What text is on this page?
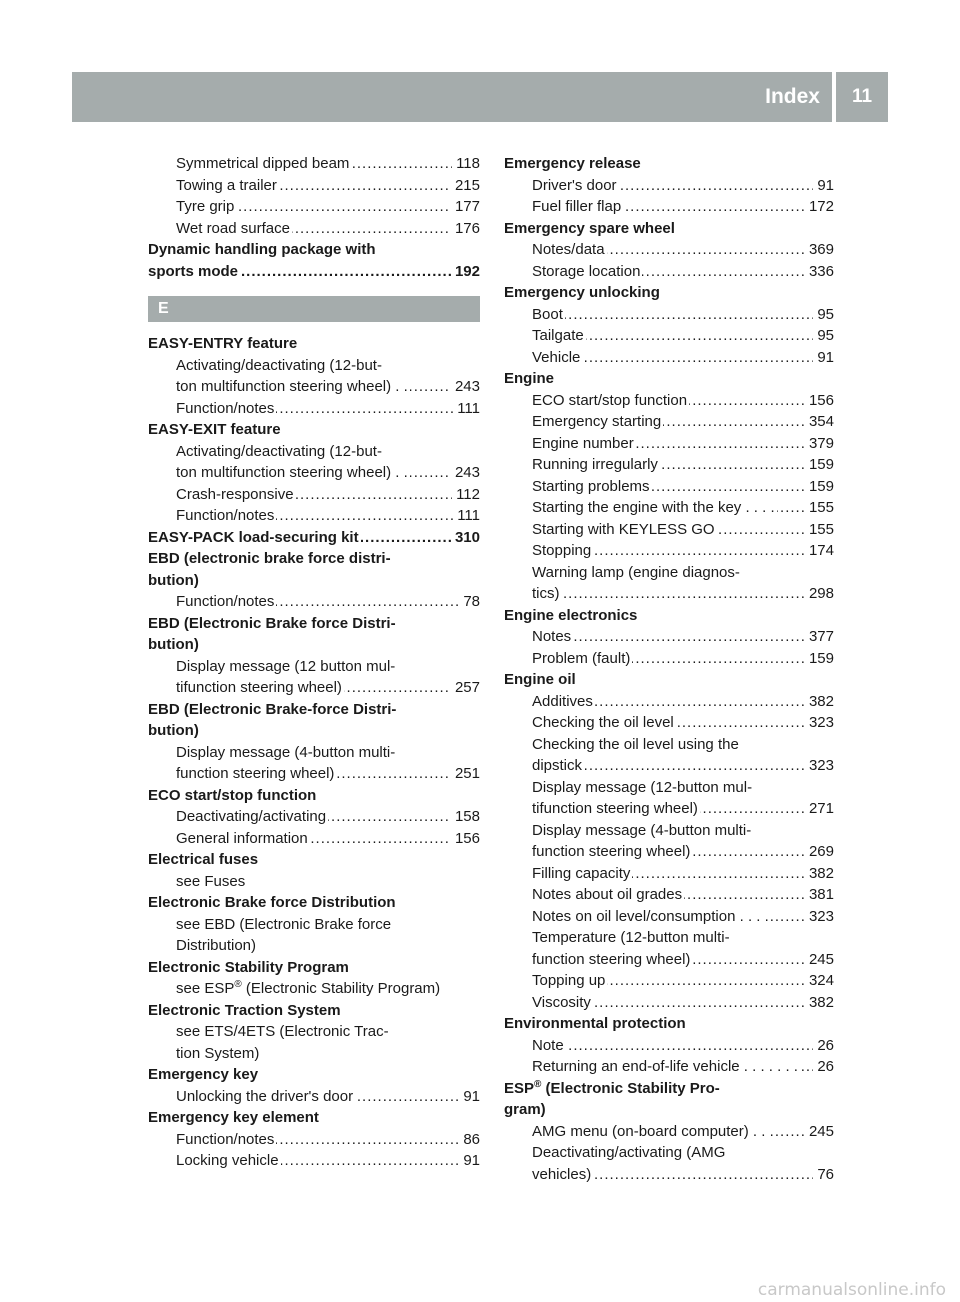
Index	11
..... Symmetrical dipped beam	118
..... Towing a trailer	215
..... Tyre grip	177
..... Wet road surface	176
Dynamic handling package with
..... sports mode	192
E
EASY-ENTRY feature
Activating/deactivating (12-but-
..... ton multifunction steering wheel) . .	243
..... Function/notes	111
EASY-EXIT feature
Activating/deactivating (12-but-
..... ton multifunction steering wheel) . .	243
..... Crash-responsive	112
..... Function/notes	111
..... EASY-PACK load-securing kit	310
EBD (electronic brake force distri-
bution)
..... Function/notes	78
EBD (Electronic Brake force Distri-
bution)
Display message (12 button mul-
..... tifunction steering wheel)	257
EBD (Electronic Brake-force Distri-
bution)
Display message (4-button multi-
..... function steering wheel)	251
ECO start/stop function
..... Deactivating/activating	158
..... General information	156
Electrical fuses
see Fuses
Electronic Brake force Distribution
see EBD (Electronic Brake force
Distribution)
Electronic Stability Program
see ESP® (Electronic Stability Program)
Electronic Traction System
see ETS/4ETS (Electronic Trac-
tion System)
Emergency key
..... Unlocking the driver's door	91
Emergency key element
..... Function/notes	86
..... Locking vehicle	91
Emergency release
..... Driver's door	91
..... Fuel filler flap	172
Emergency spare wheel
..... Notes/data	369
..... Storage location	336
Emergency unlocking
..... Boot	95
..... Tailgate	95
..... Vehicle	91
Engine
..... ECO start/stop function	156
..... Emergency starting	354
..... Engine number	379
..... Running irregularly	159
..... Starting problems	159
..... Starting the engine with the key . . . . 155
..... Starting with KEYLESS GO	155
..... Stopping	174
Warning lamp (engine diagnos-
..... tics)	298
Engine electronics
..... Notes	377
..... Problem (fault)	159
Engine oil
..... Additives	382
..... Checking the oil level	323
Checking the oil level using the
..... dipstick	323
Display message (12-button mul-
..... tifunction steering wheel)	271
Display message (4-button multi-
..... function steering wheel)	269
..... Filling capacity	382
..... Notes about oil grades	381
..... Notes on oil level/consumption . . . .	323
Temperature (12-button multi-
..... function steering wheel)	245
..... Topping up	324
..... Viscosity	382
Environmental protection
..... Note	26
..... Returning an end-of-life vehicle . . . . . . . 26
ESP® (Electronic Stability Pro-
gram)
..... AMG menu (on-board computer) . . . 245
Deactivating/activating (AMG
..... vehicles)	76
carmanualsonline.info
